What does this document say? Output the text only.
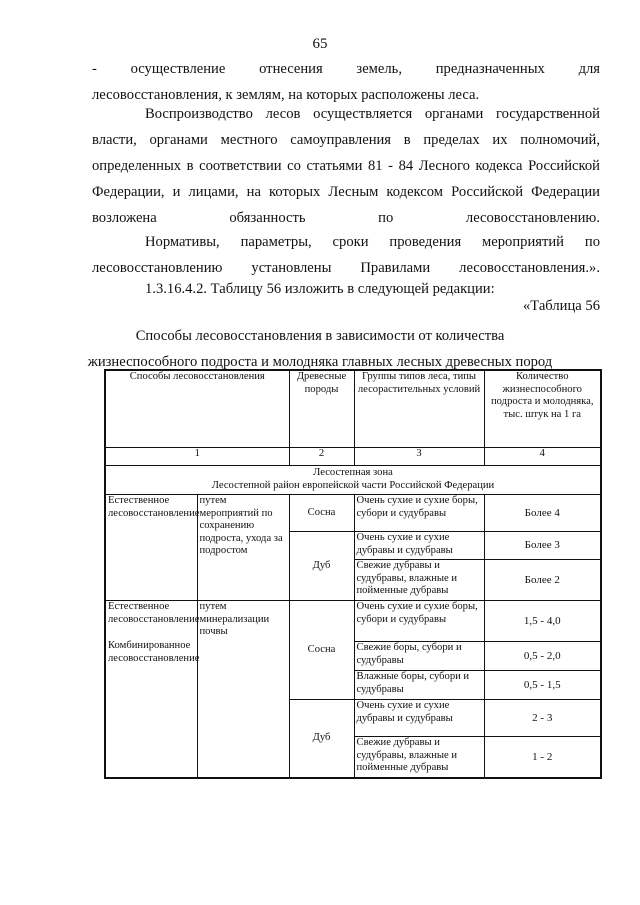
65
- осуществление отнесения земель, предназначенных для
лесовосстановления, к землям, на которых расположены леса.
Воспроизводство лесов осуществляется органами государственной власти, органами местного самоуправления в пределах их полномочий, определенных в соответствии со статьями 81 - 84 Лесного кодекса Российской Федерации, и лицами, на которых Лесным кодексом Российской Федерации возложена обязанность по лесовосстановлению.
Нормативы, параметры, сроки проведения мероприятий по лесовосстановлению установлены Правилами лесовосстановления.».
1.3.16.4.2. Таблицу 56 изложить в следующей редакции:
«Таблица 56
Способы лесовосстановления в зависимости от количества
жизнеспособного подроста и молодняка главных лесных древесных пород
Способы лесовосстановления		Древесные породы	Группы типов леса, типы лесорастительных условий	Количество жизнеспособного подроста и молодняка, тыс. штук на 1 га
1		2	3	4

Лесостепная зона
Лесостепной район европейской части Российской Федерации				

Естественное лесовосстановление	путем мероприятий по сохранению подроста, ухода за подростом	Сосна	Очень сухие и сухие боры, субори и судубравы	Более 4
		Дуб	Очень сухие и сухие дубравы и судубравы	Более 3
			Свежие дубравы и судубравы, влажные и пойменные дубравы	Более 2

Естественное лесовосстановление
Комбинированное лесовосстановление	путем минерализации почвы	Сосна	Очень сухие и сухие боры, субори и судубравы	1,5 - 4,0
			Свежие боры, субори и судубравы	0,5 - 2,0
			Влажные боры, субори и судубравы	0,5 - 1,5
		Дуб	Очень сухие и сухие дубравы и судубравы	2 - 3
			Свежие дубравы и судубравы, влажные и пойменные дубравы	1 - 2
